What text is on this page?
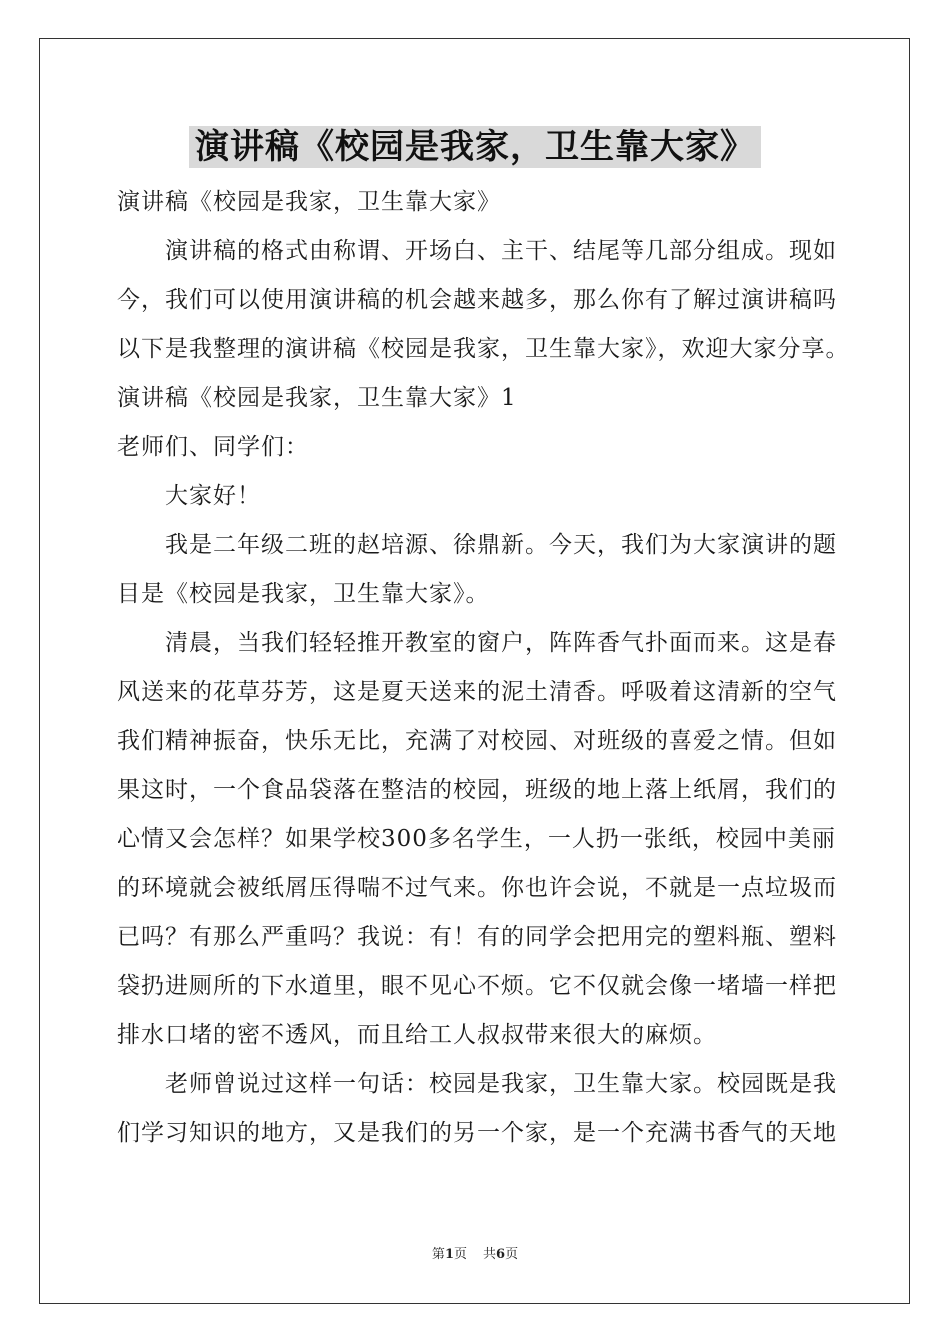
演讲稿《校园是我家，卫生靠大家》
演讲稿《校园是我家，卫生靠大家》
演讲稿的格式由称谓、开场白、主干、结尾等几部分组成。现如
今，我们可以使用演讲稿的机会越来越多，那么你有了解过演讲稿吗
以下是我整理的演讲稿《校园是我家，卫生靠大家》，欢迎大家分享。
演讲稿《校园是我家，卫生靠大家》1
老师们、同学们：
大家好！
我是二年级二班的赵培源、徐鼎新。今天，我们为大家演讲的题
目是《校园是我家，卫生靠大家》。
清晨，当我们轻轻推开教室的窗户，阵阵香气扑面而来。这是春
风送来的花草芬芳，这是夏天送来的泥土清香。呼吸着这清新的空气
我们精神振奋，快乐无比，充满了对校园、对班级的喜爱之情。但如
果这时，一个食品袋落在整洁的校园，班级的地上落上纸屑，我们的
心情又会怎样？如果学校300多名学生，一人扔一张纸，校园中美丽
的环境就会被纸屑压得喘不过气来。你也许会说，不就是一点垃圾而
已吗？有那么严重吗？我说：有！有的同学会把用完的塑料瓶、塑料
袋扔进厕所的下水道里，眼不见心不烦。它不仅就会像一堵墙一样把
排水口堵的密不透风，而且给工人叔叔带来很大的麻烦。
老师曾说过这样一句话：校园是我家，卫生靠大家。校园既是我
们学习知识的地方，又是我们的另一个家，是一个充满书香气的天地
第1页 共6页
